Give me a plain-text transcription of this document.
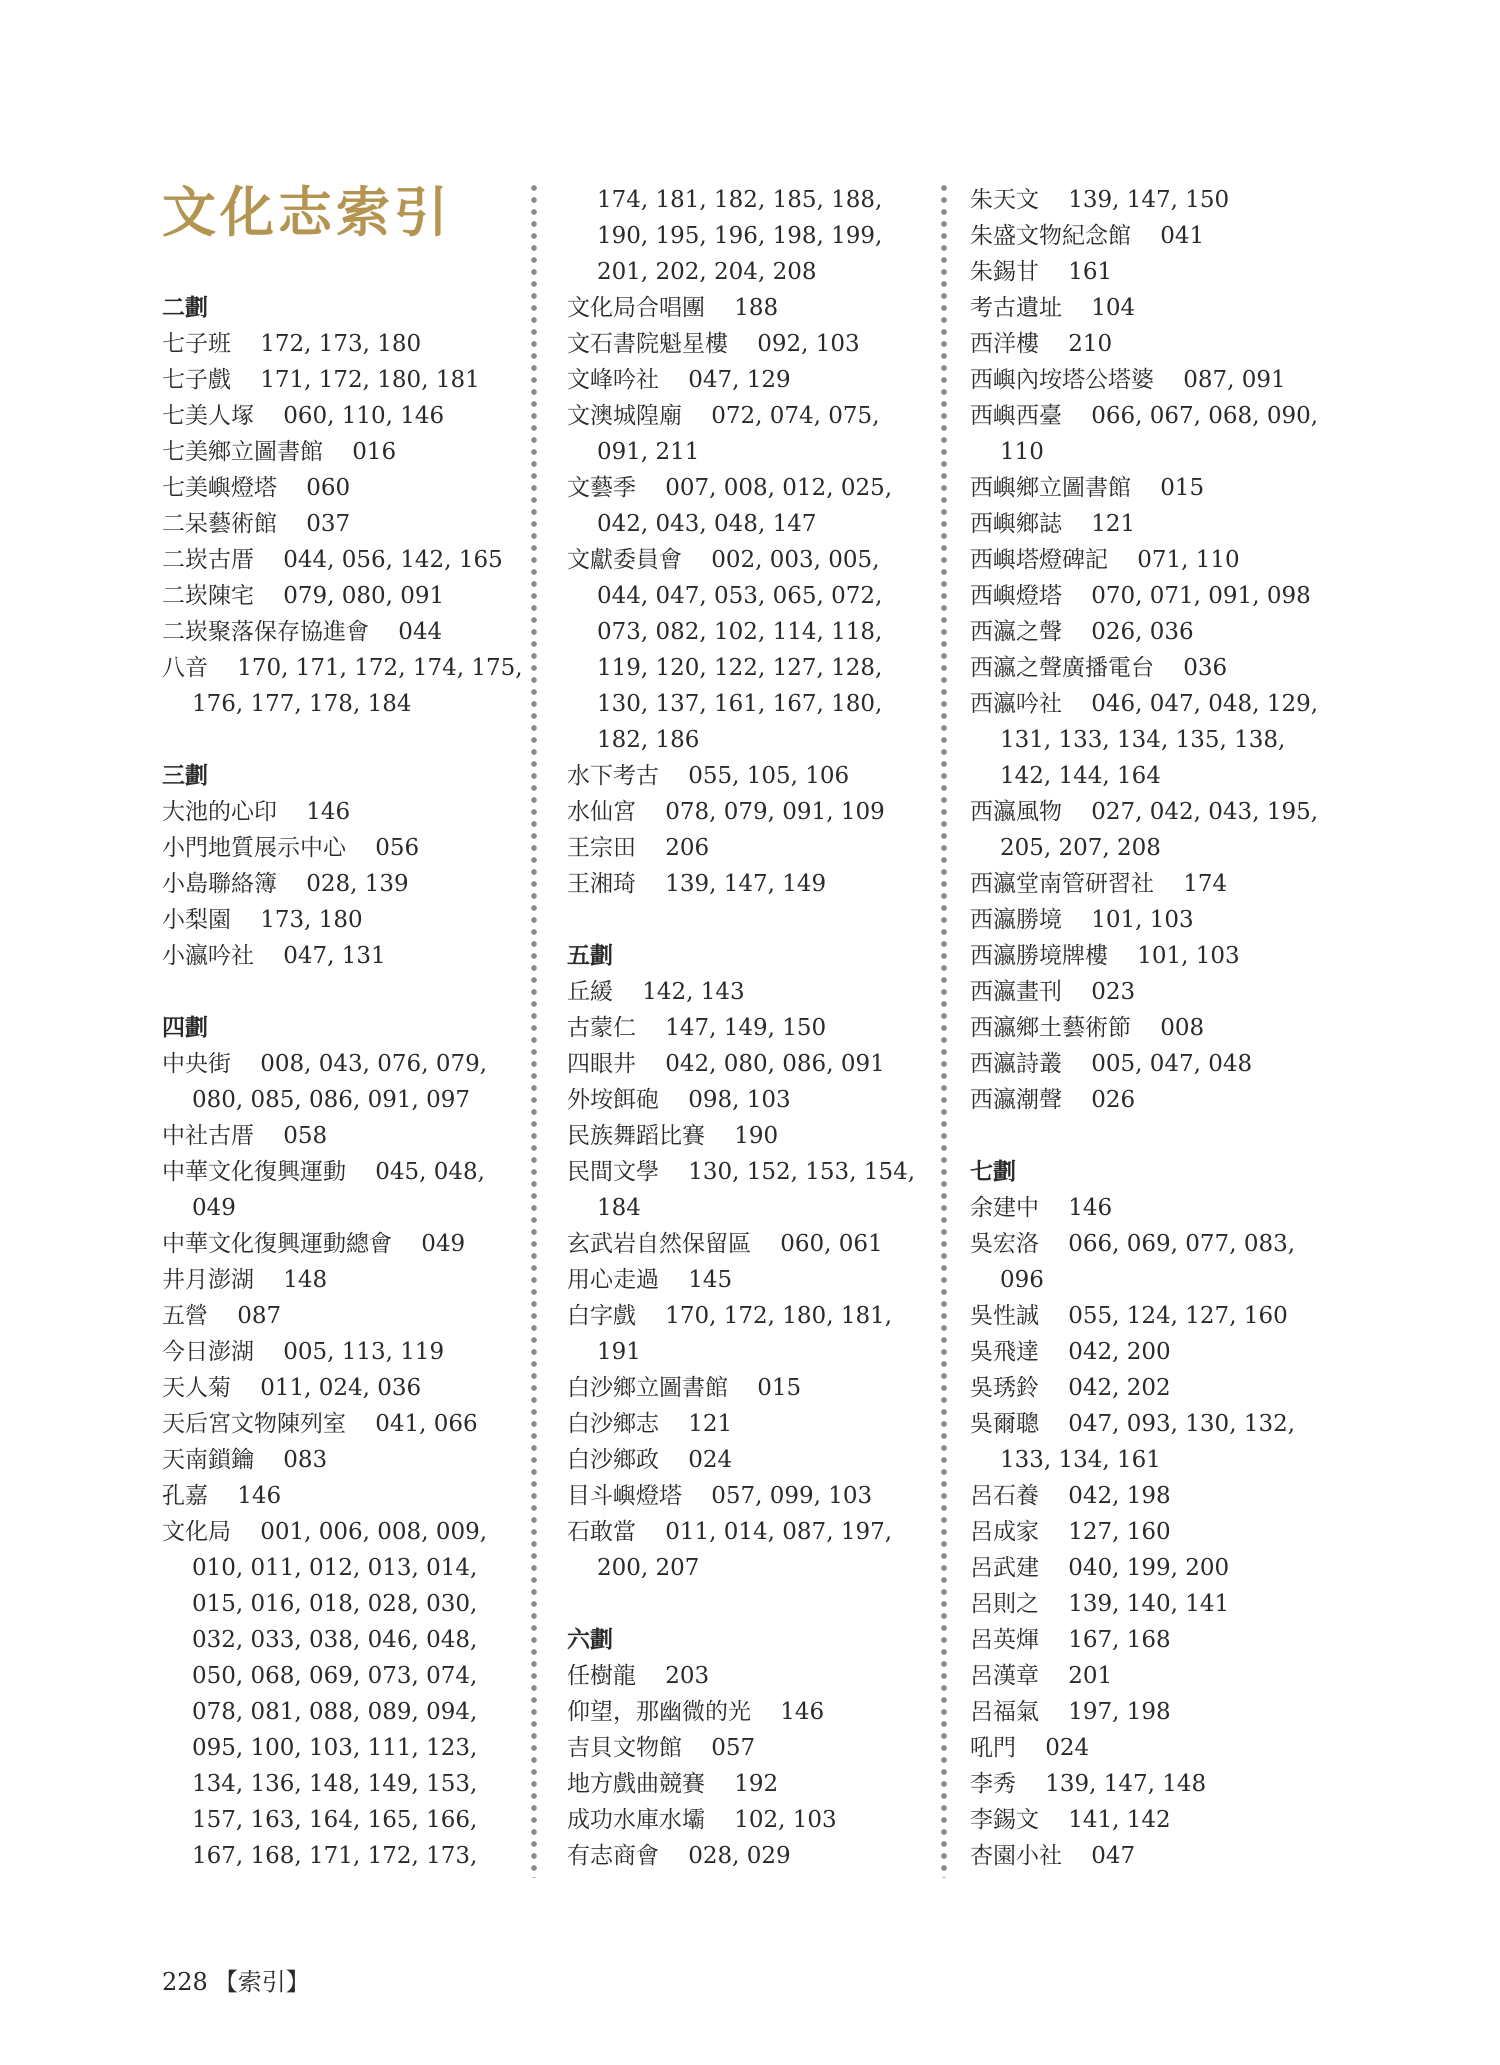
文化志索引
二劃
七子班 172, 173, 180
七子戲 171, 172, 180, 181
七美人塚 060, 110, 146
七美鄉立圖書館 016
七美嶼燈塔 060
二呆藝術館 037
二崁古厝 044, 056, 142, 165
二崁陳宅 079, 080, 091
二崁聚落保存協進會 044
八音 170, 171, 172, 174, 175,
176, 177, 178, 184
三劃
大池的心印 146
小門地質展示中心 056
小島聯絡簿 028, 139
小梨園 173, 180
小瀛吟社 047, 131
四劃
中央街 008, 043, 076, 079,
080, 085, 086, 091, 097
中社古厝 058
中華文化復興運動 045, 048,
049
中華文化復興運動總會 049
井月澎湖 148
五營 087
今日澎湖 005, 113, 119
天人菊 011, 024, 036
天后宮文物陳列室 041, 066
天南鎖鑰 083
孔嘉 146
文化局 001, 006, 008, 009,
010, 011, 012, 013, 014,
015, 016, 018, 028, 030,
032, 033, 038, 046, 048,
050, 068, 069, 073, 074,
078, 081, 088, 089, 094,
095, 100, 103, 111, 123,
134, 136, 148, 149, 153,
157, 163, 164, 165, 166,
167, 168, 171, 172, 173,
174, 181, 182, 185, 188,
190, 195, 196, 198, 199,
201, 202, 204, 208
文化局合唱團 188
文石書院魁星樓 092, 103
文峰吟社 047, 129
文澳城隍廟 072, 074, 075,
091, 211
文藝季 007, 008, 012, 025,
042, 043, 048, 147
文獻委員會 002, 003, 005,
044, 047, 053, 065, 072,
073, 082, 102, 114, 118,
119, 120, 122, 127, 128,
130, 137, 161, 167, 180,
182, 186
水下考古 055, 105, 106
水仙宮 078, 079, 091, 109
王宗田 206
王湘琦 139, 147, 149
五劃
丘緩 142, 143
古蒙仁 147, 149, 150
四眼井 042, 080, 086, 091
外垵餌砲 098, 103
民族舞蹈比賽 190
民間文學 130, 152, 153, 154,
184
玄武岩自然保留區 060, 061
用心走過 145
白字戲 170, 172, 180, 181,
191
白沙鄉立圖書館 015
白沙鄉志 121
白沙鄉政 024
目斗嶼燈塔 057, 099, 103
石敢當 011, 014, 087, 197,
200, 207
六劃
任樹龍 203
仰望，那幽微的光 146
吉貝文物館 057
地方戲曲競賽 192
成功水庫水壩 102, 103
有志商會 028, 029
朱天文 139, 147, 150
朱盛文物紀念館 041
朱錫甘 161
考古遺址 104
西洋樓 210
西嶼內垵塔公塔婆 087, 091
西嶼西臺 066, 067, 068, 090,
110
西嶼鄉立圖書館 015
西嶼鄉誌 121
西嶼塔燈碑記 071, 110
西嶼燈塔 070, 071, 091, 098
西瀛之聲 026, 036
西瀛之聲廣播電台 036
西瀛吟社 046, 047, 048, 129,
131, 133, 134, 135, 138,
142, 144, 164
西瀛風物 027, 042, 043, 195,
205, 207, 208
西瀛堂南管研習社 174
西瀛勝境 101, 103
西瀛勝境牌樓 101, 103
西瀛畫刊 023
西瀛鄉土藝術節 008
西瀛詩叢 005, 047, 048
西瀛潮聲 026
七劃
余建中 146
吳宏洛 066, 069, 077, 083,
096
吳性誠 055, 124, 127, 160
吳飛達 042, 200
吳琇鈴 042, 202
吳爾聰 047, 093, 130, 132,
133, 134, 161
呂石養 042, 198
呂成家 127, 160
呂武建 040, 199, 200
呂則之 139, 140, 141
呂英煇 167, 168
呂漢章 201
呂福氣 197, 198
吼門 024
李秀 139, 147, 148
李錫文 141, 142
杏園小社 047
228 【索引】
